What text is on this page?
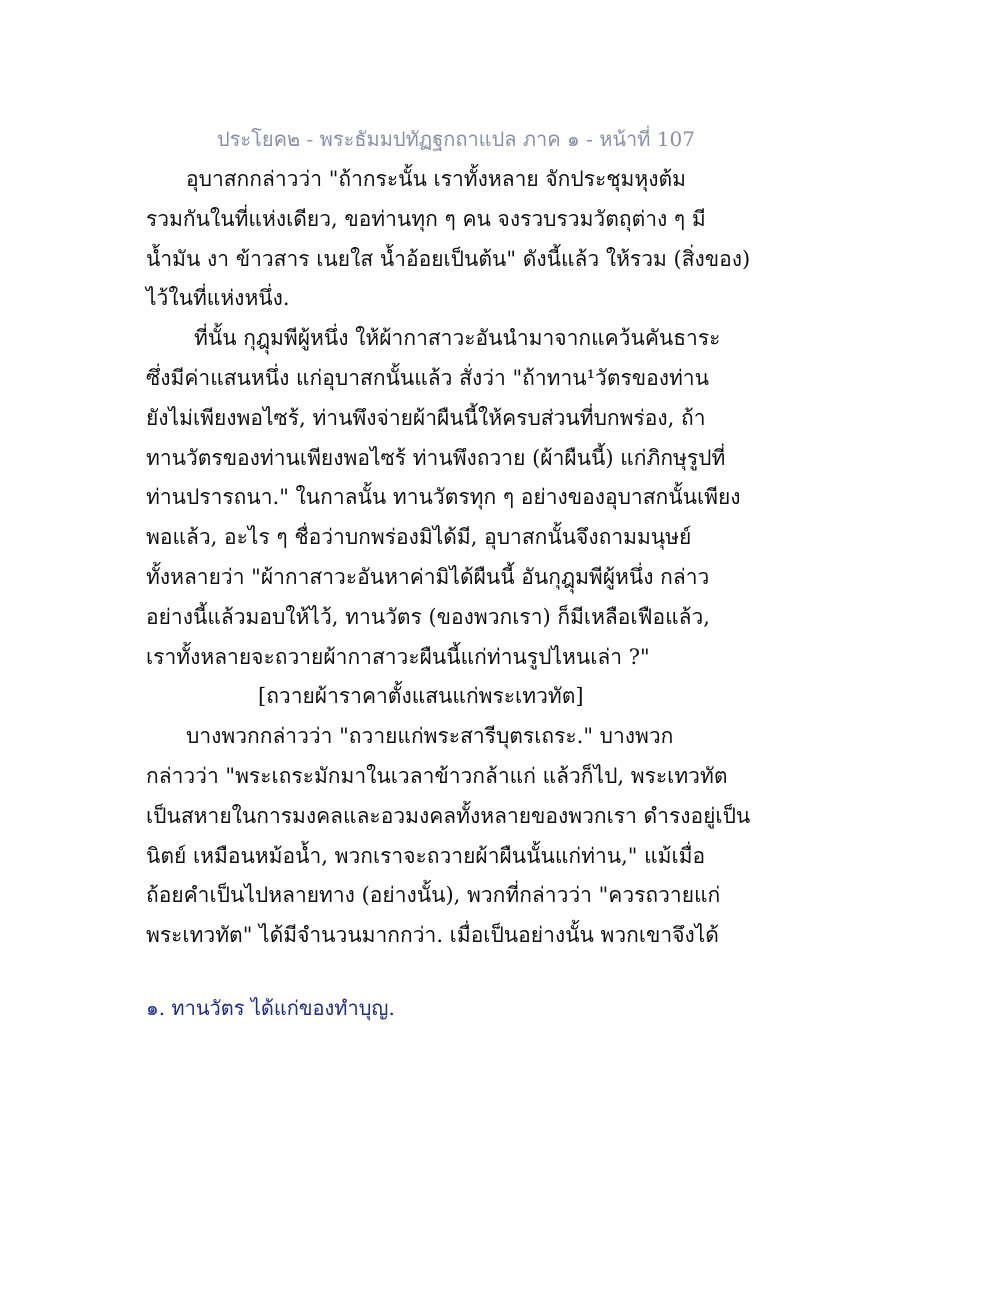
ประโยค๒ - พระธัมมปทัฏฐกถาแปล ภาค ๑ - หน้าที่ 107
อุบาสกกล่าวว่า "ถ้ากระนั้น เราทั้งหลาย จักประชุมหุงต้ม
รวมกันในที่แห่งเดียว, ขอท่านทุก ๆ คน จงรวบรวมวัตถุต่าง ๆ มี
น้ำมัน งา ข้าวสาร เนยใส น้ำอ้อยเป็นต้น" ดังนี้แล้ว ให้รวม (สิ่งของ)
ไว้ในที่แห่งหนึ่ง.
ที่นั้น กุฎุมพีผู้หนึ่ง ให้ผ้ากาสาวะอันนำมาจากแคว้นคันธาระ
ซึ่งมีค่าแสนหนึ่ง แก่อุบาสกนั้นแล้ว สั่งว่า "ถ้าทาน¹วัตรของท่าน
ยังไม่เพียงพอไซร้, ท่านพึงจ่ายผ้าผืนนี้ให้ครบส่วนที่บกพร่อง, ถ้า
ทานวัตรของท่านเพียงพอไซร้ ท่านพึงถวาย (ผ้าผืนนี้) แก่ภิกษุรูปที่
ท่านปรารถนา." ในกาลนั้น ทานวัตรทุก ๆ อย่างของอุบาสกนั้นเพียง
พอแล้ว, อะไร ๆ ชื่อว่าบกพร่องมิได้มี, อุบาสกนั้นจึงถามมนุษย์
ทั้งหลายว่า "ผ้ากาสาวะอันหาค่ามิได้ผืนนี้ อันกุฎุมพีผู้หนึ่ง กล่าว
อย่างนี้แล้วมอบให้ไว้, ทานวัตร (ของพวกเรา) ก็มีเหลือเฟือแล้ว,
เราทั้งหลายจะถวายผ้ากาสาวะผืนนี้แก่ท่านรูปไหนเล่า ?"
[ถวายผ้าราคาตั้งแสนแก่พระเทวทัต]
บางพวกกล่าวว่า "ถวายแก่พระสารีบุตรเถระ." บางพวก
กล่าวว่า "พระเถระมักมาในเวลาข้าวกล้าแก่ แล้วก็ไป, พระเทวทัต
เป็นสหายในการมงคลและอวมงคลทั้งหลายของพวกเรา ดำรงอยู่เป็น
นิตย์ เหมือนหม้อน้ำ, พวกเราจะถวายผ้าผืนนั้นแก่ท่าน," แม้เมื่อ
ถ้อยคำเป็นไปหลายทาง (อย่างนั้น), พวกที่กล่าวว่า "ควรถวายแก่
พระเทวทัต" ได้มีจำนวนมากกว่า. เมื่อเป็นอย่างนั้น พวกเขาจึงได้
๑. ทานวัตร ได้แก่ของทำบุญ.
